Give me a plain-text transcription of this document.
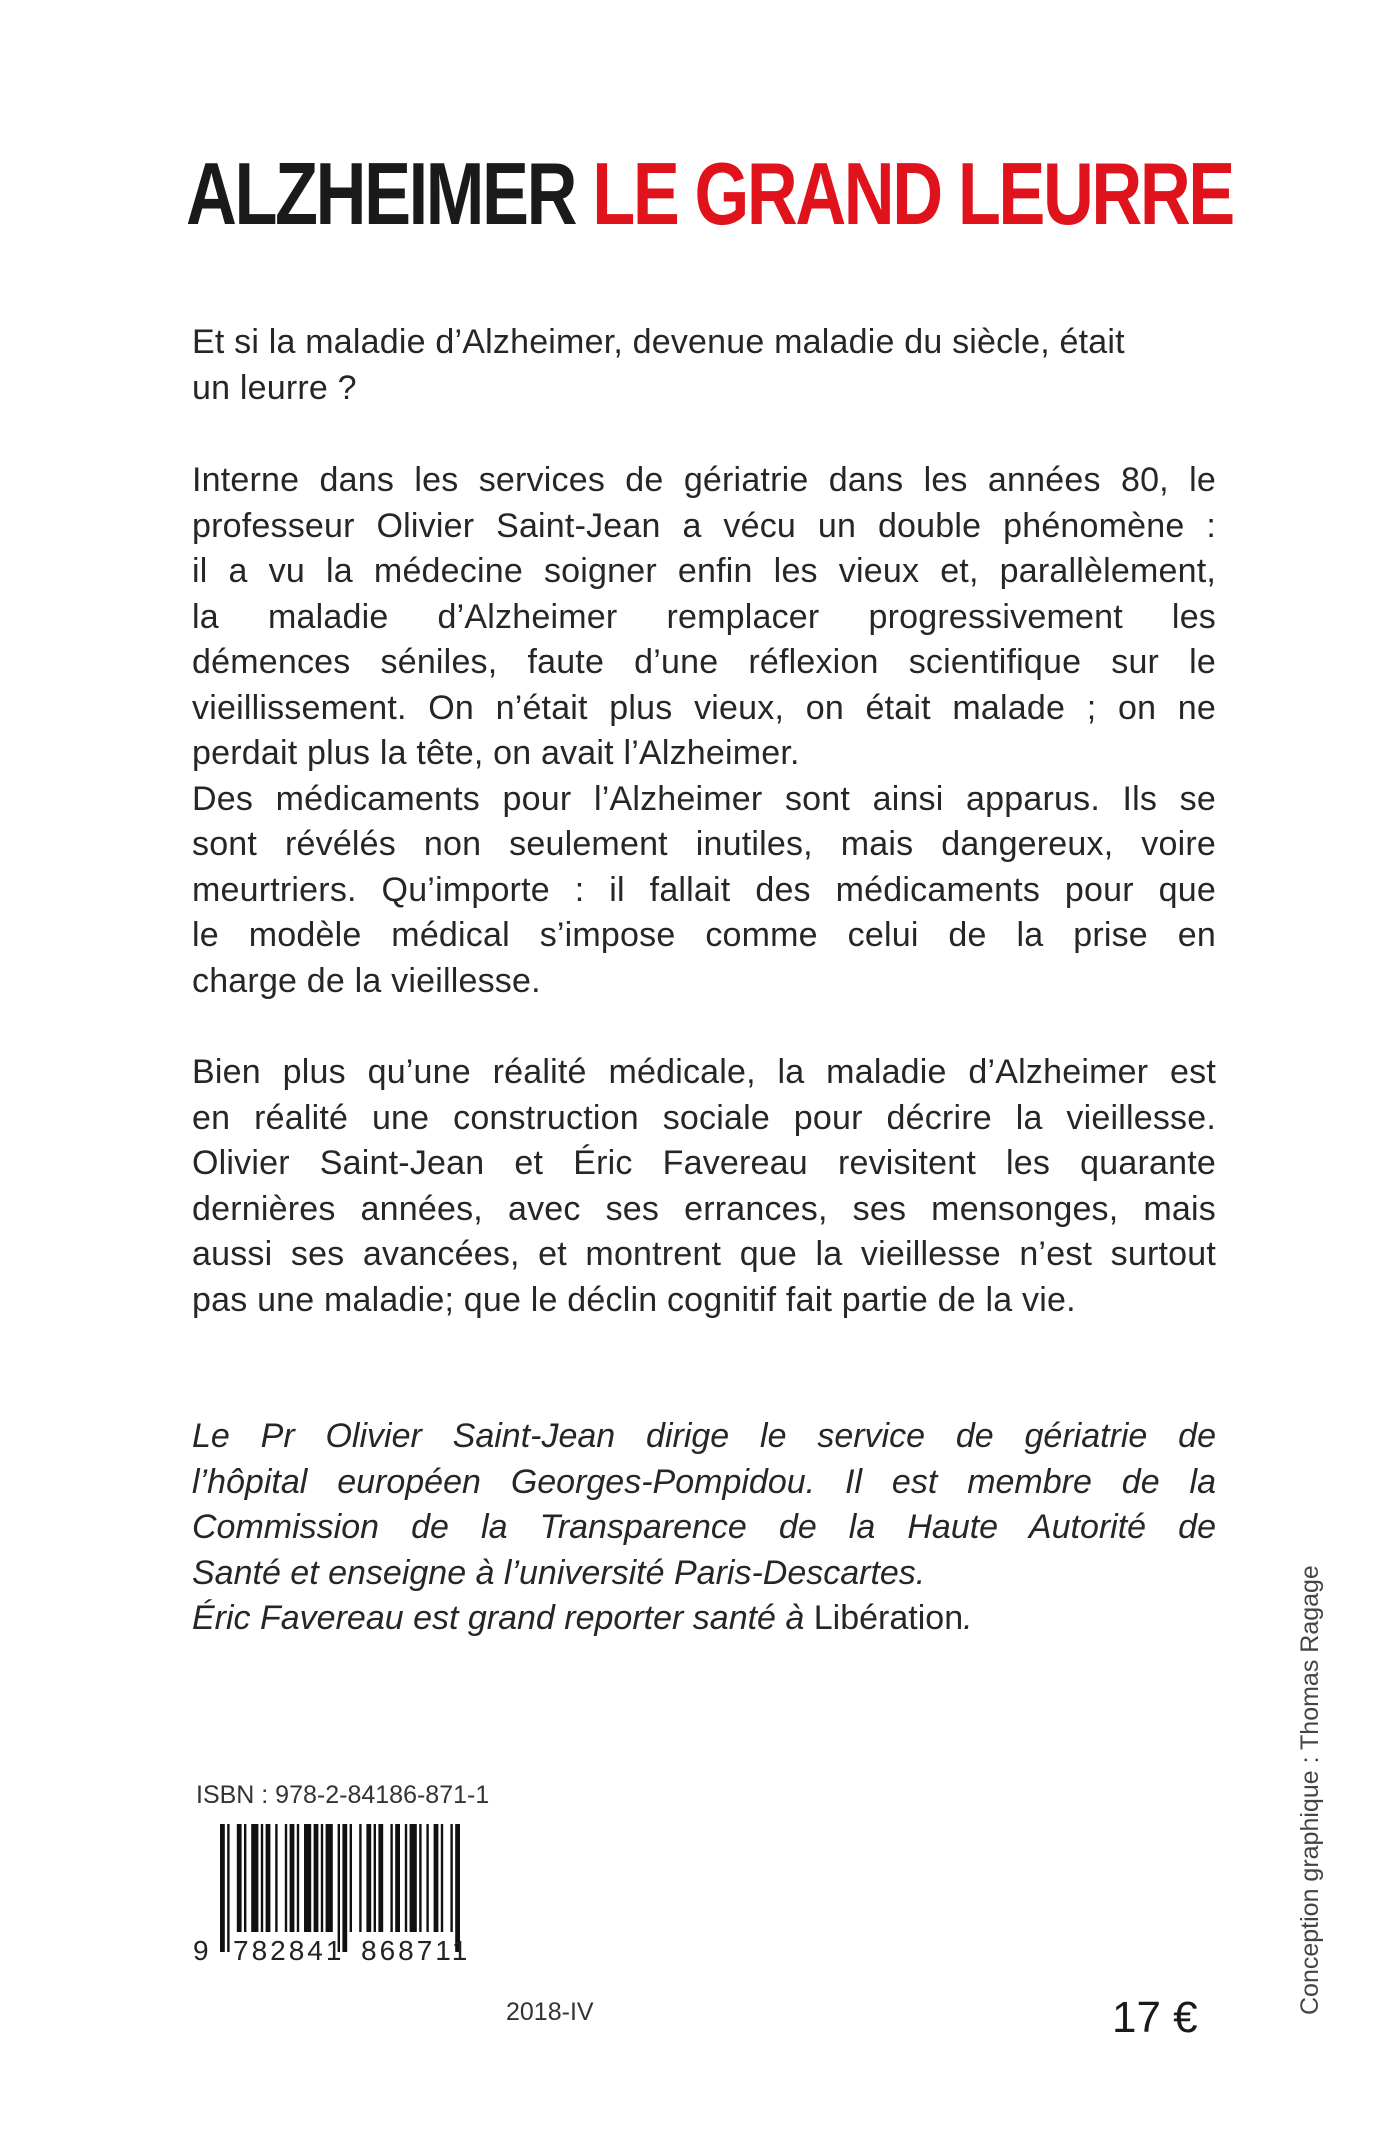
ALZHEIMER LE GRAND LEURRE

Et si la maladie d’Alzheimer, devenue maladie du siècle, était
un leurre ?

Interne dans les services de gériatrie dans les années 80, le
professeur Olivier Saint-Jean a vécu un double phénomène :
il a vu la médecine soigner enfin les vieux et, parallèlement,
la maladie d’Alzheimer remplacer progressivement les
démences séniles, faute d’une réflexion scientifique sur le
vieillissement. On n’était plus vieux, on était malade ; on ne
perdait plus la tête, on avait l’Alzheimer.
Des médicaments pour l’Alzheimer sont ainsi apparus. Ils se
sont révélés non seulement inutiles, mais dangereux, voire
meurtriers. Qu’importe : il fallait des médicaments pour que
le modèle médical s’impose comme celui de la prise en
charge de la vieillesse.
Bien plus qu’une réalité médicale, la maladie d’Alzheimer est
en réalité une construction sociale pour décrire la vieillesse.
Olivier Saint-Jean et Éric Favereau revisitent les quarante
dernières années, avec ses errances, ses mensonges, mais
aussi ses avancées, et montrent que la vieillesse n’est surtout
pas une maladie; que le déclin cognitif fait partie de la vie.
Le Pr Olivier Saint-Jean dirige le service de gériatrie de
l’hôpital européen Georges-Pompidou. Il est membre de la
Commission de la Transparence de la Haute Autorité de
Santé et enseigne à l’université Paris-Descartes.
Éric Favereau est grand reporter santé à Libération.
ISBN : 978-2-84186-871-1
9 782841 868711
2018-IV	17 €
Conception graphique : Thomas Ragage
